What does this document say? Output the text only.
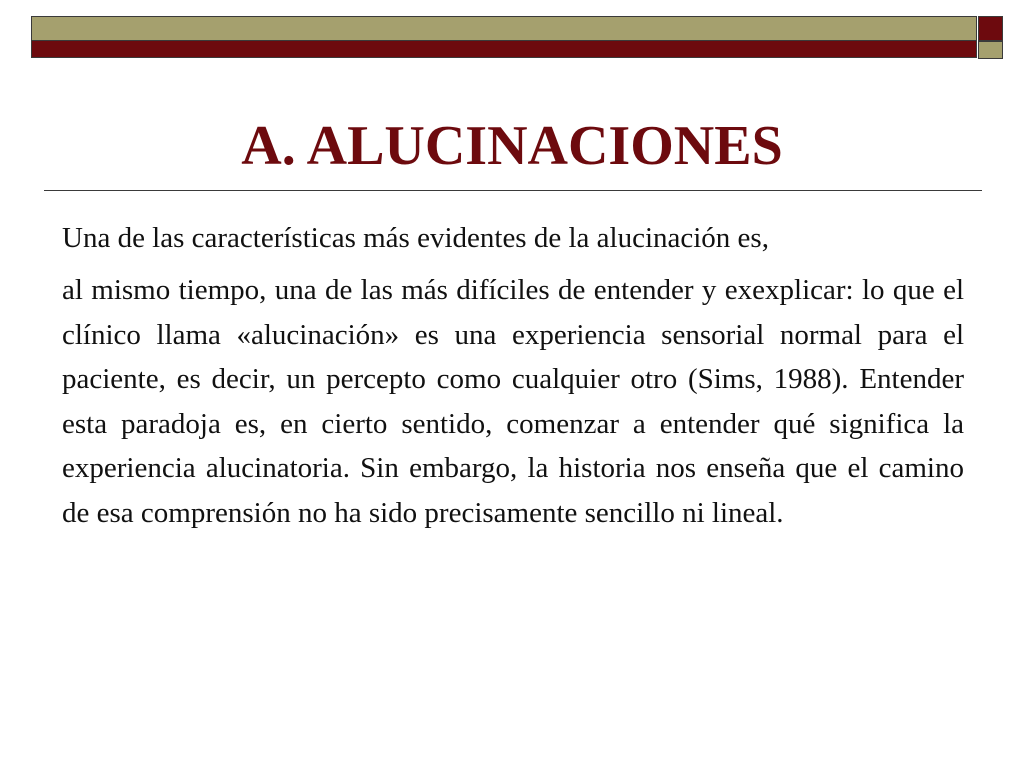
A. ALUCINACIONES

Una de las características más evidentes de la alucinación es,

al mismo tiempo, una de las más difíciles de entender y exexplicar: lo que el clínico llama «alucinación» es una experiencia sensorial normal para el paciente, es decir, un percepto como cualquier otro (Sims, 1988). Entender esta paradoja es, en cierto sentido, comenzar a entender qué significa la experiencia alucinatoria. Sin embargo, la historia nos enseña que el camino de esa comprensión no ha sido precisamente sencillo ni lineal.
